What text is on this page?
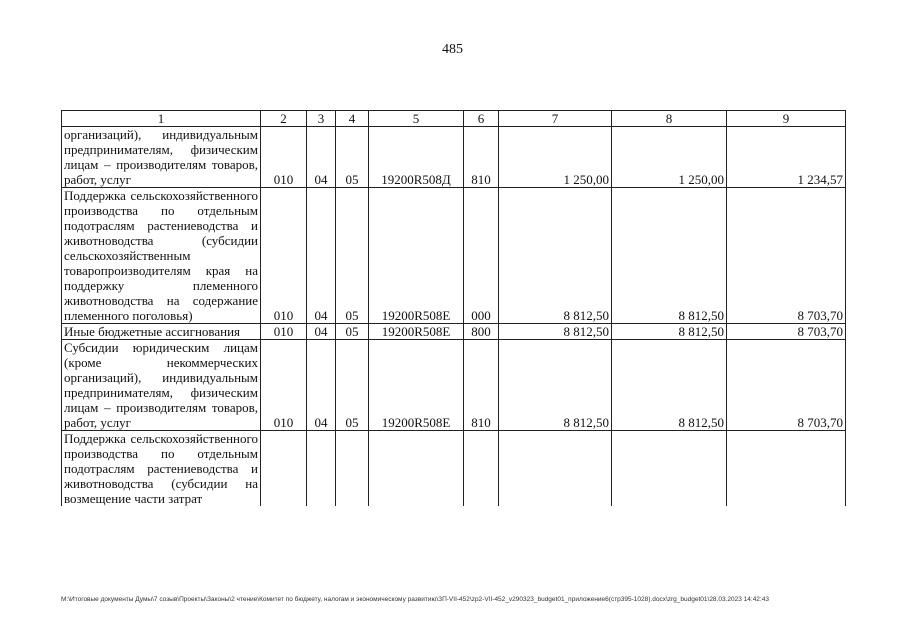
485
1	2	3	4	5	6	7	8	9
организаций), индивидуальным предпринимателям, физическим лицам – производителям товаров, работ, услуг	010	04	05	19200R508Д	810	1 250,00	1 250,00	1 234,57
Поддержка сельскохозяйственного производства по отдельным подотраслям растениеводства и животноводства (субсидии сельскохозяйственным товаропроизводителям края на поддержку племенного животноводства на содержание племенного поголовья)	010	04	05	19200R508Е	000	8 812,50	8 812,50	8 703,70
Иные бюджетные ассигнования	010	04	05	19200R508Е	800	8 812,50	8 812,50	8 703,70
Субсидии юридическим лицам (кроме некоммерческих организаций), индивидуальным предпринимателям, физическим лицам – производителям товаров, работ, услуг	010	04	05	19200R508Е	810	8 812,50	8 812,50	8 703,70
Поддержка сельскохозяйственного производства по отдельным подотраслям растениеводства и животноводства (субсидии на возмещение части затрат								
М:\Итоговые документы Думы\7 созыв\Проекты\Законы\2 чтение\Комитет по бюджету, налогам и экономическому развитию\ЗП-VII-452\zp2-VII-452_v290323_budget01_приложение6(стр395-1028).docx\zrg_budget01\28.03.2023 14:42:43
